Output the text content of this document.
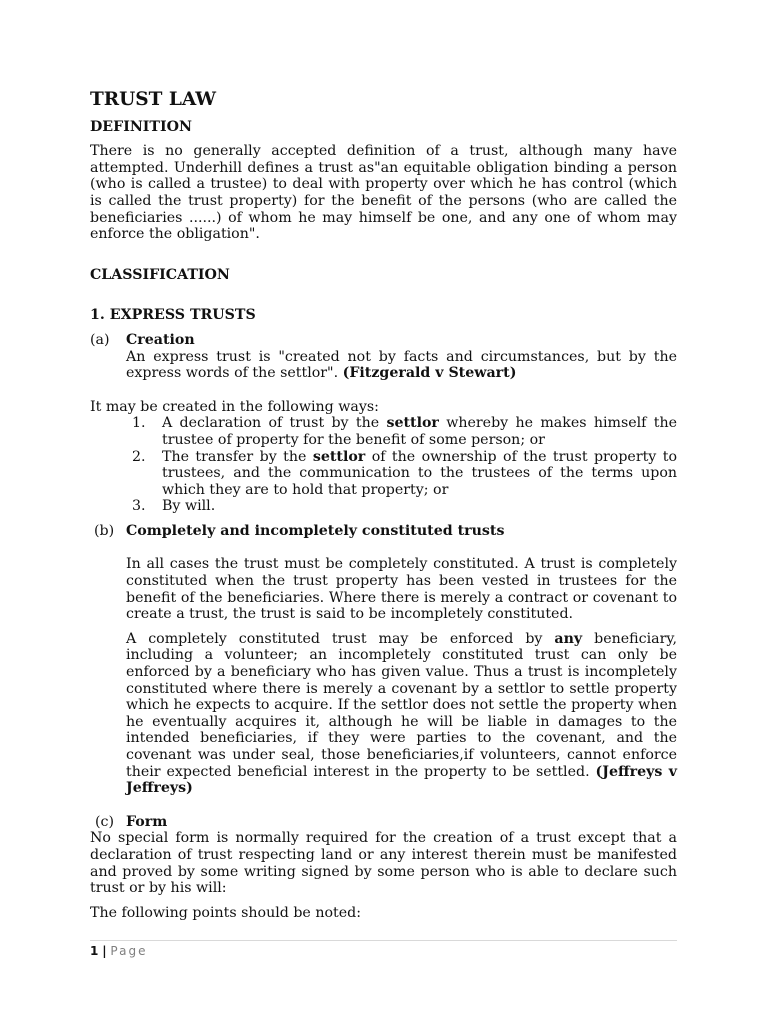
TRUST LAW
DEFINITION

There is no generally accepted definition of a trust, although many have attempted. Underhill defines a trust as"an equitable obligation binding a person (who is called a trustee) to deal with property over which he has control (which is called the trust property) for the benefit of the persons (who are called the beneficiaries ......) of whom he may himself be one, and any one of whom may enforce the obligation".

CLASSIFICATION
1. EXPRESS TRUSTS
(a)	Creation

An express trust is "created not by facts and circumstances, but by the express words of the settlor". (Fitzgerald v Stewart)

It may be created in the following ways:

1.	A declaration of trust by the settlor whereby he makes himself the trustee of property for the benefit of some person; or
2.	The transfer by the settlor of the ownership of the trust property to trustees, and the communication to the trustees of the terms upon which they are to hold that property; or
3.	By will.
(b) Completely and incompletely constituted trusts

In all cases the trust must be completely constituted. A trust is completely constituted when the trust property has been vested in trustees for the benefit of the beneficiaries. Where there is merely a contract or covenant to create a trust, the trust is said to be incompletely constituted.

A completely constituted trust may be enforced by any beneficiary, including a volunteer; an incompletely constituted trust can only be enforced by a beneficiary who has given value. Thus a trust is incompletely constituted where there is merely a covenant by a settlor to settle property which he expects to acquire. If the settlor does not settle the property when he eventually acquires it, although he will be liable in damages to the intended beneficiaries, if they were parties to the covenant, and the covenant was under seal, those beneficiaries,if volunteers, cannot enforce their expected beneficial interest in the property to be settled. (Jeffreys v Jeffreys)

(c) Form

No special form is normally required for the creation of a trust except that a declaration of trust respecting land or any interest therein must be manifested and proved by some writing signed by some person who is able to declare such trust or by his will:

The following points should be noted:

1 | Page
